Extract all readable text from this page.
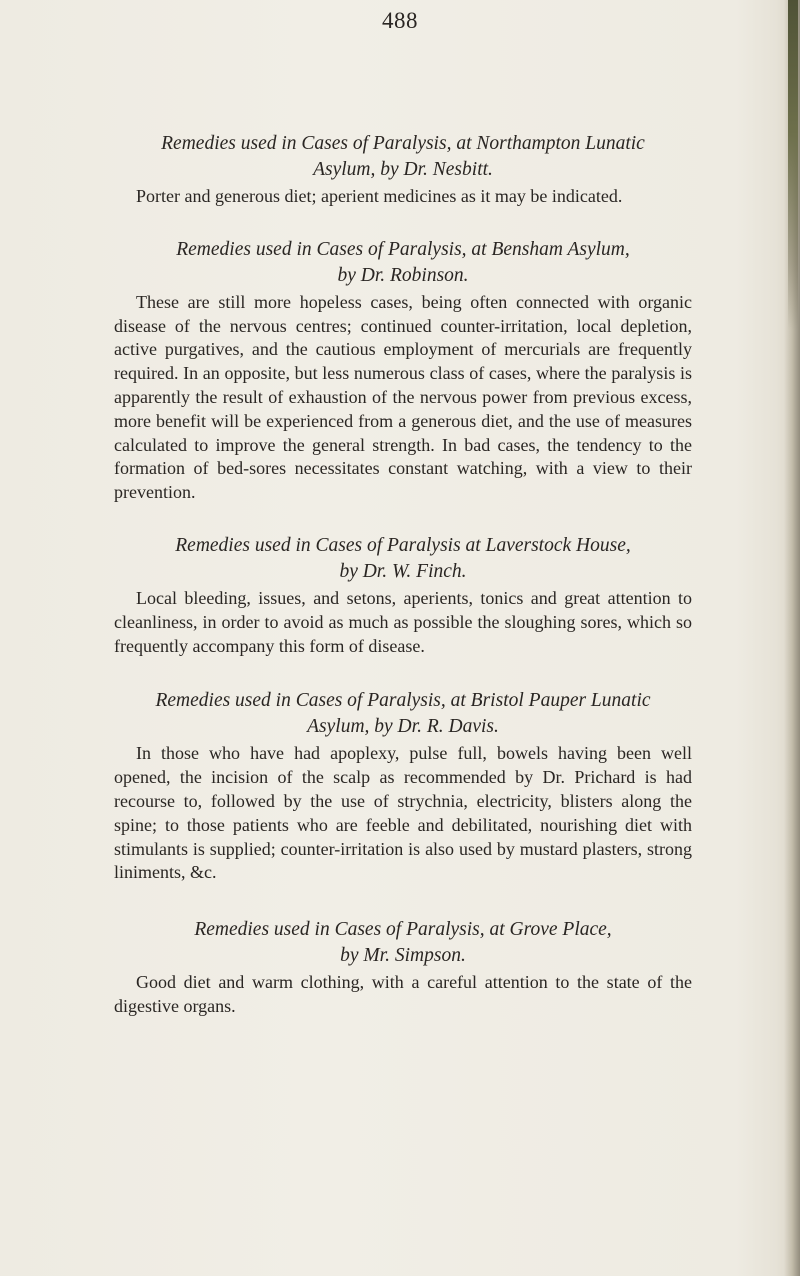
488

Remedies used in Cases of Paralysis, at Northampton Lunatic
Asylum, by Dr. Nesbitt.

Porter and generous diet; aperient medicines as it may be indicated.

Remedies used in Cases of Paralysis, at Bensham Asylum,
by Dr. Robinson.

These are still more hopeless cases, being often connected with organic disease of the nervous centres; continued counter-irritation, local depletion, active purgatives, and the cautious employment of mercurials are frequently required. In an opposite, but less numerous class of cases, where the paralysis is apparently the result of exhaustion of the nervous power from previous excess, more benefit will be experienced from a generous diet, and the use of measures calculated to improve the general strength. In bad cases, the tendency to the formation of bed-sores necessitates constant watching, with a view to their prevention.

Remedies used in Cases of Paralysis at Laverstock House,
by Dr. W. Finch.

Local bleeding, issues, and setons, aperients, tonics and great attention to cleanliness, in order to avoid as much as possible the sloughing sores, which so frequently accompany this form of disease.

Remedies used in Cases of Paralysis, at Bristol Pauper Lunatic
Asylum, by Dr. R. Davis.

In those who have had apoplexy, pulse full, bowels having been well opened, the incision of the scalp as recommended by Dr. Prichard is had recourse to, followed by the use of strychnia, electricity, blisters along the spine; to those patients who are feeble and debilitated, nourishing diet with stimulants is supplied; counter-irritation is also used by mustard plasters, strong liniments, &c.

Remedies used in Cases of Paralysis, at Grove Place,
by Mr. Simpson.

Good diet and warm clothing, with a careful attention to the state of the digestive organs.
